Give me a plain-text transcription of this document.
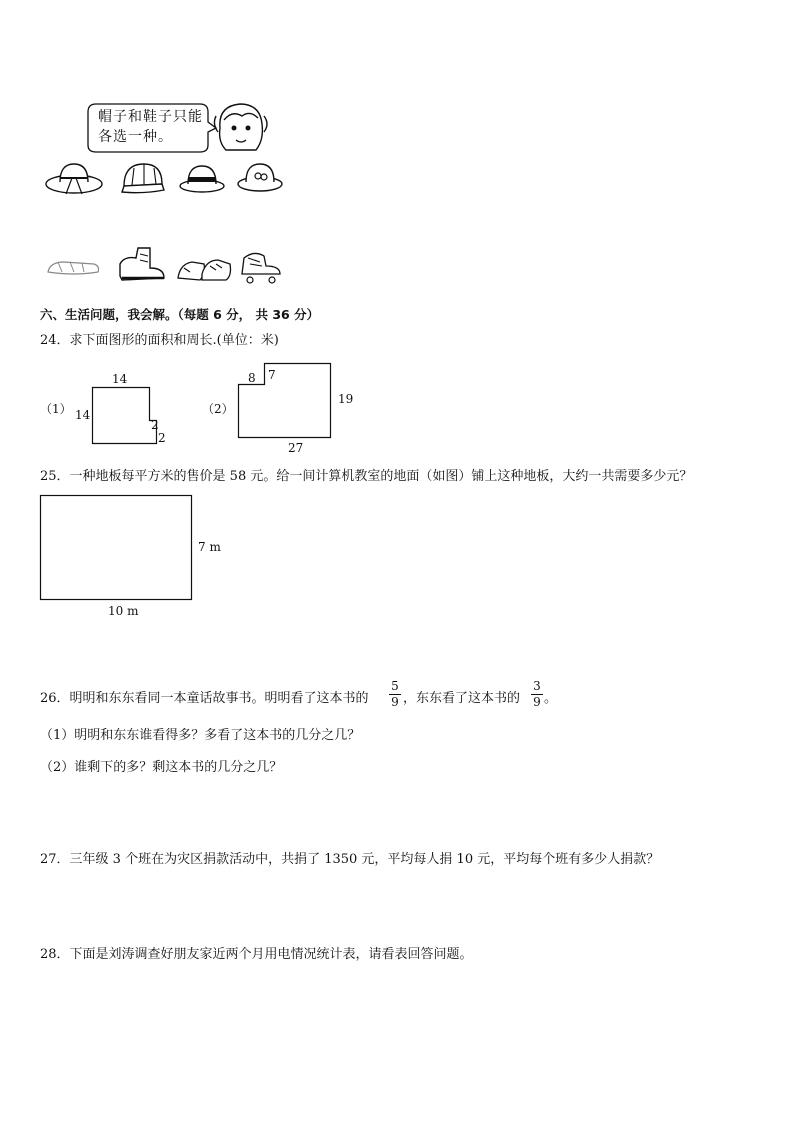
帽子和鞋子只能
各选一种。
六、生活问题，我会解。（每题 6 分， 共 36 分）
24．求下面图形的面积和周长.(单位：米)
（1）
14
14
2
2
（2）
8 7
19
27
25．一种地板每平方米的售价是 58 元。给一间计算机教室的地面（如图）铺上这种地板，大约一共需要多少元？
7 m
10 m
26．明明和东东看同一本童话故事书。明明看了这本书的
5
9 ，东东看了这本书的
3
9 。
（1）明明和东东谁看得多？多看了这本书的几分之几？
（2）谁剩下的多？剩这本书的几分之几？
27．三年级 3 个班在为灾区捐款活动中，共捐了 1350 元，平均每人捐 10 元，平均每个班有多少人捐款？
28．下面是刘涛调查好朋友家近两个月用电情况统计表，请看表回答问题。
